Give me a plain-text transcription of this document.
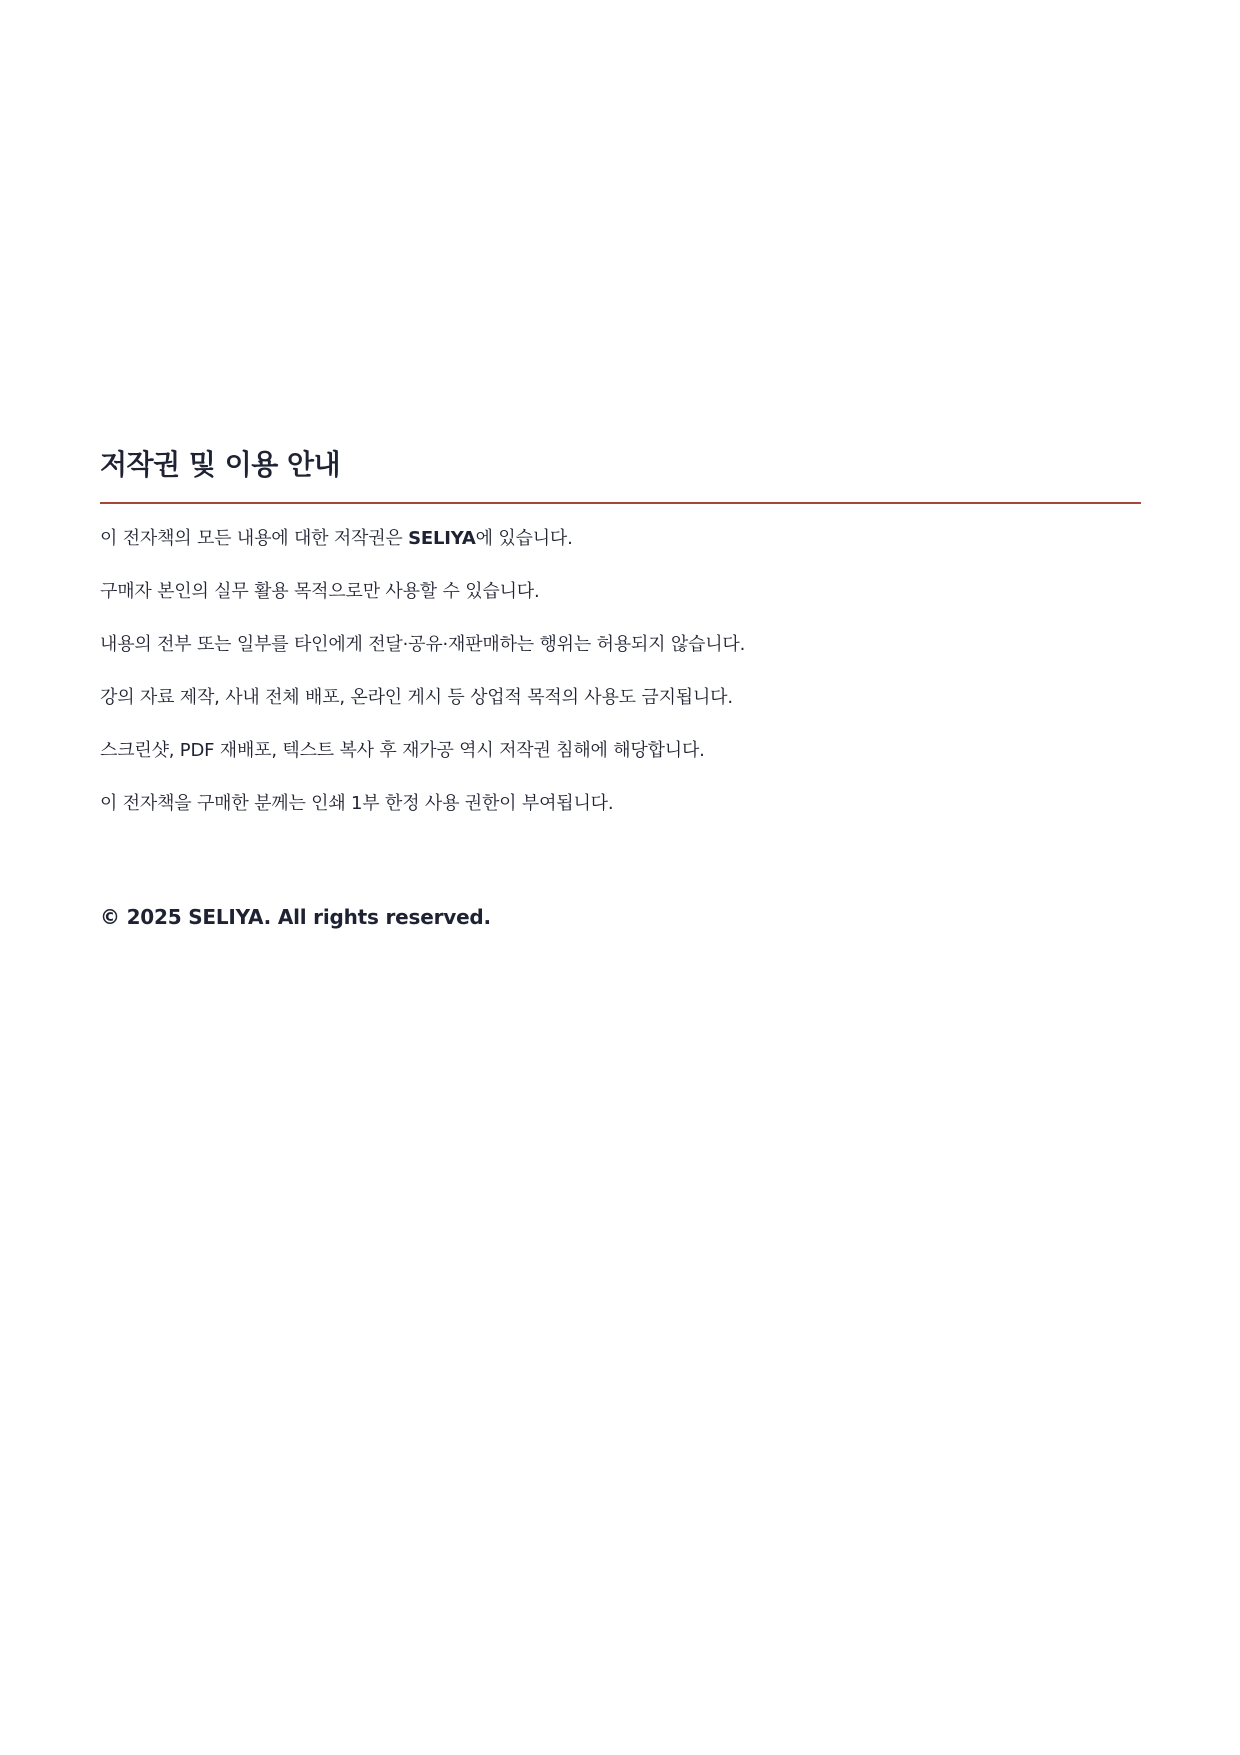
저작권 및 이용 안내
이 전자책의 모든 내용에 대한 저작권은 SELIYA에 있습니다.
구매자 본인의 실무 활용 목적으로만 사용할 수 있습니다.
내용의 전부 또는 일부를 타인에게 전달·공유·재판매하는 행위는 허용되지 않습니다.
강의 자료 제작, 사내 전체 배포, 온라인 게시 등 상업적 목적의 사용도 금지됩니다.
스크린샷, PDF 재배포, 텍스트 복사 후 재가공 역시 저작권 침해에 해당합니다.
이 전자책을 구매한 분께는 인쇄 1부 한정 사용 권한이 부여됩니다.

© 2025 SELIYA. All rights reserved.
